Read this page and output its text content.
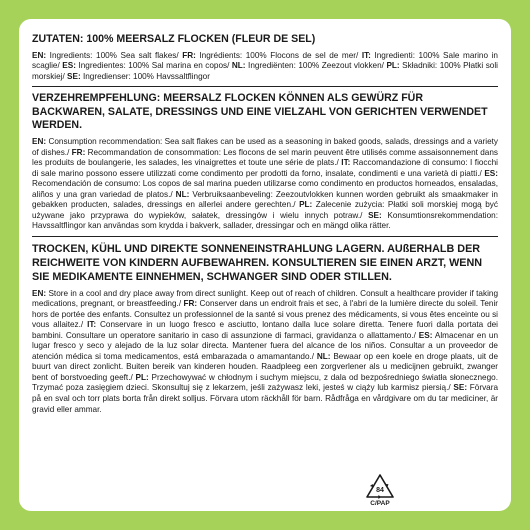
ZUTATEN: 100% MEERSALZ FLOCKEN (FLEUR DE SEL)

EN: Ingredients: 100% Sea salt flakes/ FR: Ingrédients: 100% Flocons de sel de mer/ IT: Ingredienti: 100% Sale marino in scaglie/ ES: Ingredientes: 100% Sal marina en copos/ NL: Ingrediënten: 100% Zeezout vlokken/ PL: Składniki: 100% Płatki soli morskiej/ SE: Ingredienser: 100% Havssaltflingor

VERZEHREMPFEHLUNG: MEERSALZ FLOCKEN KÖNNEN ALS GEWÜRZ FÜR BACKWAREN, SALATE, DRESSINGS UND EINE VIELZAHL VON GERICHTEN VERWENDET WERDEN.

EN: Consumption recommendation: Sea salt flakes can be used as a seasoning in baked goods, salads, dressings and a variety of dishes./ FR: Recommandation de consommation: Les flocons de sel marin peuvent être utilisés comme assaisonnement dans les produits de boulangerie, les salades, les vinaigrettes et toute une série de plats./ IT: Raccomandazione di consumo: I fiocchi di sale marino possono essere utilizzati come condimento per prodotti da forno, insalate, condimenti e una varietà di piatti./ ES: Recomendación de consumo: Los copos de sal marina pueden utilizarse como condimento en productos horneados, ensaladas, aliños y una gran variedad de platos./ NL: Verbruiksaanbeveling: Zeezoutvlokken kunnen worden gebruikt als smaakmaker in gebakken producten, salades, dressings en allerlei andere gerechten./ PL: Zalecenie zużycia: Płatki soli morskiej mogą być używane jako przyprawa do wypieków, sałatek, dressingów i wielu innych potraw./ SE: Konsumtionsrekommendation: Havssaltflingor kan användas som krydda i bakverk, sallader, dressingar och en mängd olika rätter.

TROCKEN, KÜHL UND DIREKTE SONNENEINSTRAHLUNG LAGERN. AUßERHALB DER REICHWEITE VON KINDERN AUFBEWAHREN. KONSULTIEREN SIE EINEN ARZT, WENN SIE MEDIKAMENTE EINNEHMEN, SCHWANGER SIND ODER STILLEN.

EN: Store in a cool and dry place away from direct sunlight. Keep out of reach of children. Consult a healthcare provider if taking medications, pregnant, or breastfeeding./ FR: Conserver dans un endroit frais et sec, à l'abri de la lumière directe du soleil. Tenir hors de portée des enfants. Consultez un professionnel de la santé si vous prenez des médicaments, si vous êtes enceinte ou si vous allaitez./ IT: Conservare in un luogo fresco e asciutto, lontano dalla luce solare diretta. Tenere fuori dalla portata dei bambini. Consultare un operatore sanitario in caso di assunzione di farmaci, gravidanza o allattamento./ ES: Almacenar en un lugar fresco y seco y alejado de la luz solar directa. Mantener fuera del alcance de los niños. Consultar a un proveedor de atención médica si toma medicamentos, está embarazada o amamantando./ NL: Bewaar op een koele en droge plaats, uit de buurt van direct zonlicht. Buiten bereik van kinderen houden. Raadpleeg een zorgverlener als u medicijnen gebruikt, zwanger bent of borstvoeding geeft./ PL: Przechowywać w chłodnym i suchym miejscu, z dala od bezpośredniego światła słonecznego. Trzymać poza zasięgiem dzieci. Skonsultuj się z lekarzem, jeśli zażywasz leki, jesteś w ciąży lub karmisz piersią./ SE: Förvara på en sval och torr plats borta från direkt solljus. Förvara utom räckhåll för barn. Rådfråga en vårdgivare om du tar mediciner, är gravid eller ammar.

84
C/PAP
